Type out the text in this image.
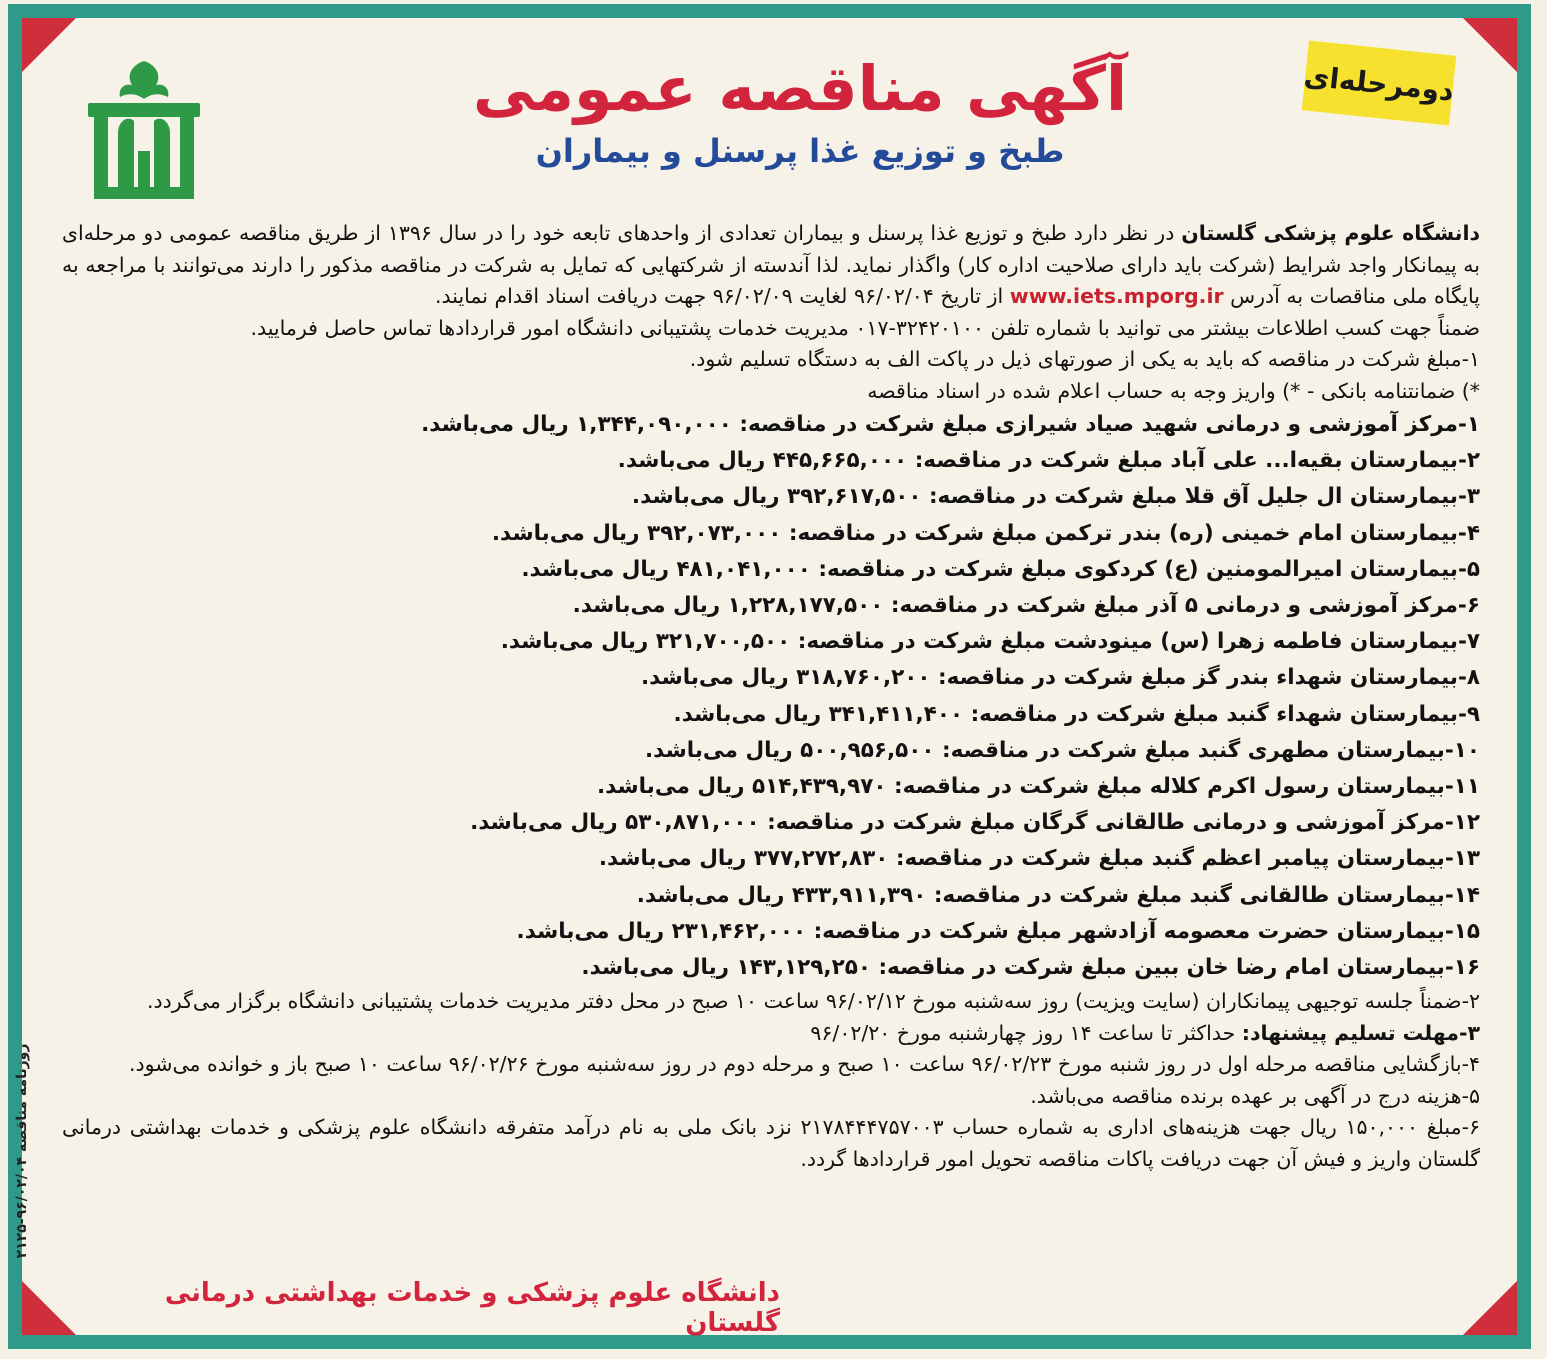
دومرحله‌ای
آگهی مناقصه عمومی
طبخ و توزیع غذا پرسنل و بیماران

دانشگاه علوم پزشکی گلستان در نظر دارد طبخ و توزیع غذا پرسنل و بیماران تعدادی از واحدهای تابعه خود را در سال ۱۳۹۶ از طریق مناقصه عمومی دو مرحله‌ای به پیمانکار واجد شرایط (شرکت باید دارای صلاحیت اداره کار) واگذار نماید. لذا آندسته از شرکتهایی که تمایل به شرکت در مناقصه مذکور را دارند می‌توانند با مراجعه به پایگاه ملی مناقصات به آدرس www.iets.mporg.ir از تاریخ ۹۶/۰۲/۰۴ لغایت ۹۶/۰۲/۰۹ جهت دریافت اسناد اقدام نمایند.

ضمناً جهت کسب اطلاعات بیشتر می توانید با شماره تلفن ۳۲۴۲۰۱۰۰-۰۱۷ مدیریت خدمات پشتیبانی دانشگاه امور قراردادها تماس حاصل فرمایید.

۱-مبلغ شرکت در مناقصه که باید به یکی از صورتهای ذیل در پاکت الف به دستگاه تسلیم شود.

*) ضمانتنامه بانکی - *) واریز وجه به حساب اعلام شده در اسناد مناقصه

۱-مرکز آموزشی و درمانی شهید صیاد شیرازی مبلغ شرکت در مناقصه: ۱,۳۴۴,۰۹۰,۰۰۰ ریال می‌باشد.

۲-بیمارستان بقیه‌ا... علی آباد مبلغ شرکت در مناقصه: ۴۴۵,۶۶۵,۰۰۰ ریال می‌باشد.

۳-بیمارستان ال جلیل آق قلا مبلغ شرکت در مناقصه: ۳۹۲,۶۱۷,۵۰۰ ریال می‌باشد.

۴-بیمارستان امام خمینی (ره) بندر ترکمن مبلغ شرکت در مناقصه: ۳۹۲,۰۷۳,۰۰۰ ریال می‌باشد.

۵-بیمارستان امیرالمومنین (ع) کردکوی مبلغ شرکت در مناقصه: ۴۸۱,۰۴۱,۰۰۰ ریال می‌باشد.

۶-مرکز آموزشی و درمانی ۵ آذر مبلغ شرکت در مناقصه: ۱,۲۲۸,۱۷۷,۵۰۰ ریال می‌باشد.

۷-بیمارستان فاطمه زهرا (س) مینودشت مبلغ شرکت در مناقصه: ۳۲۱,۷۰۰,۵۰۰ ریال می‌باشد.

۸-بیمارستان شهداء بندر گز مبلغ شرکت در مناقصه: ۳۱۸,۷۶۰,۲۰۰ ریال می‌باشد.

۹-بیمارستان شهداء گنبد مبلغ شرکت در مناقصه: ۳۴۱,۴۱۱,۴۰۰ ریال می‌باشد.

۱۰-بیمارستان مطهری گنبد مبلغ شرکت در مناقصه: ۵۰۰,۹۵۶,۵۰۰ ریال می‌باشد.

۱۱-بیمارستان رسول اکرم کلاله مبلغ شرکت در مناقصه: ۵۱۴,۴۳۹,۹۷۰ ریال می‌باشد.

۱۲-مرکز آموزشی و درمانی طالقانی گرگان مبلغ شرکت در مناقصه: ۵۳۰,۸۷۱,۰۰۰ ریال می‌باشد.

۱۳-بیمارستان پیامبر اعظم گنبد مبلغ شرکت در مناقصه: ۳۷۷,۲۷۲,۸۳۰ ریال می‌باشد.

۱۴-بیمارستان طالقانی گنبد مبلغ شرکت در مناقصه: ۴۳۳,۹۱۱,۳۹۰ ریال می‌باشد.

۱۵-بیمارستان حضرت معصومه آزادشهر مبلغ شرکت در مناقصه: ۲۳۱,۴۶۲,۰۰۰ ریال می‌باشد.

۱۶-بیمارستان امام رضا خان ببین مبلغ شرکت در مناقصه: ۱۴۳,۱۲۹,۲۵۰ ریال می‌باشد.

۲-ضمناً جلسه توجیهی پیمانکاران (سایت ویزیت) روز سه‌شنبه مورخ ۹۶/۰۲/۱۲ ساعت ۱۰ صبح در محل دفتر مدیریت خدمات پشتیبانی دانشگاه برگزار می‌گردد.

۳-مهلت تسلیم پیشنهاد: حداکثر تا ساعت ۱۴ روز چهارشنبه مورخ ۹۶/۰۲/۲۰

۴-بازگشایی مناقصه مرحله اول در روز شنبه مورخ ۹۶/۰۲/۲۳ ساعت ۱۰ صبح و مرحله دوم در روز سه‌شنبه مورخ ۹۶/۰۲/۲۶ ساعت ۱۰ صبح باز و خوانده می‌شود.

۵-هزینه درج در آگهی بر عهده برنده مناقصه می‌باشد.

۶-مبلغ ۱۵۰,۰۰۰ ریال جهت هزینه‌های اداری به شماره حساب ۲۱۷۸۴۴۴۷۵۷۰۰۳ نزد بانک ملی به نام درآمد متفرقه دانشگاه علوم پزشکی و خدمات بهداشتی درمانی گلستان واریز و فیش آن جهت دریافت پاکات مناقصه تحویل امور قراردادها گردد.

دانشگاه علوم پزشکی و خدمات بهداشتی درمانی گلستان
روزنامه مناقصه ۹۶/۰۲/۰۴-۲۱۲۵
